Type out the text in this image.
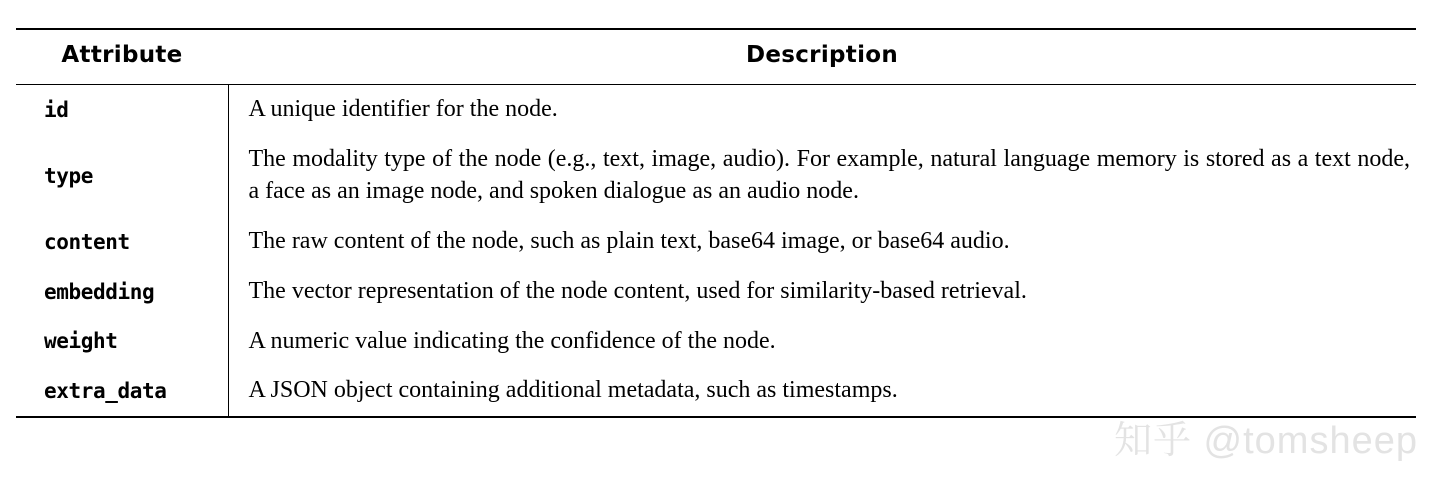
Attribute	Description
id	A unique identifier for the node.
type	The modality type of the node (e.g., text, image, audio). For example, natural language memory is stored as a text node, a face as an image node, and spoken dialogue as an audio node.
content	The raw content of the node, such as plain text, base64 image, or base64 audio.
embedding	The vector representation of the node content, used for similarity-based retrieval.
weight	A numeric value indicating the confidence of the node.
extra_data	A JSON object containing additional metadata, such as timestamps.
知乎 @tomsheep
